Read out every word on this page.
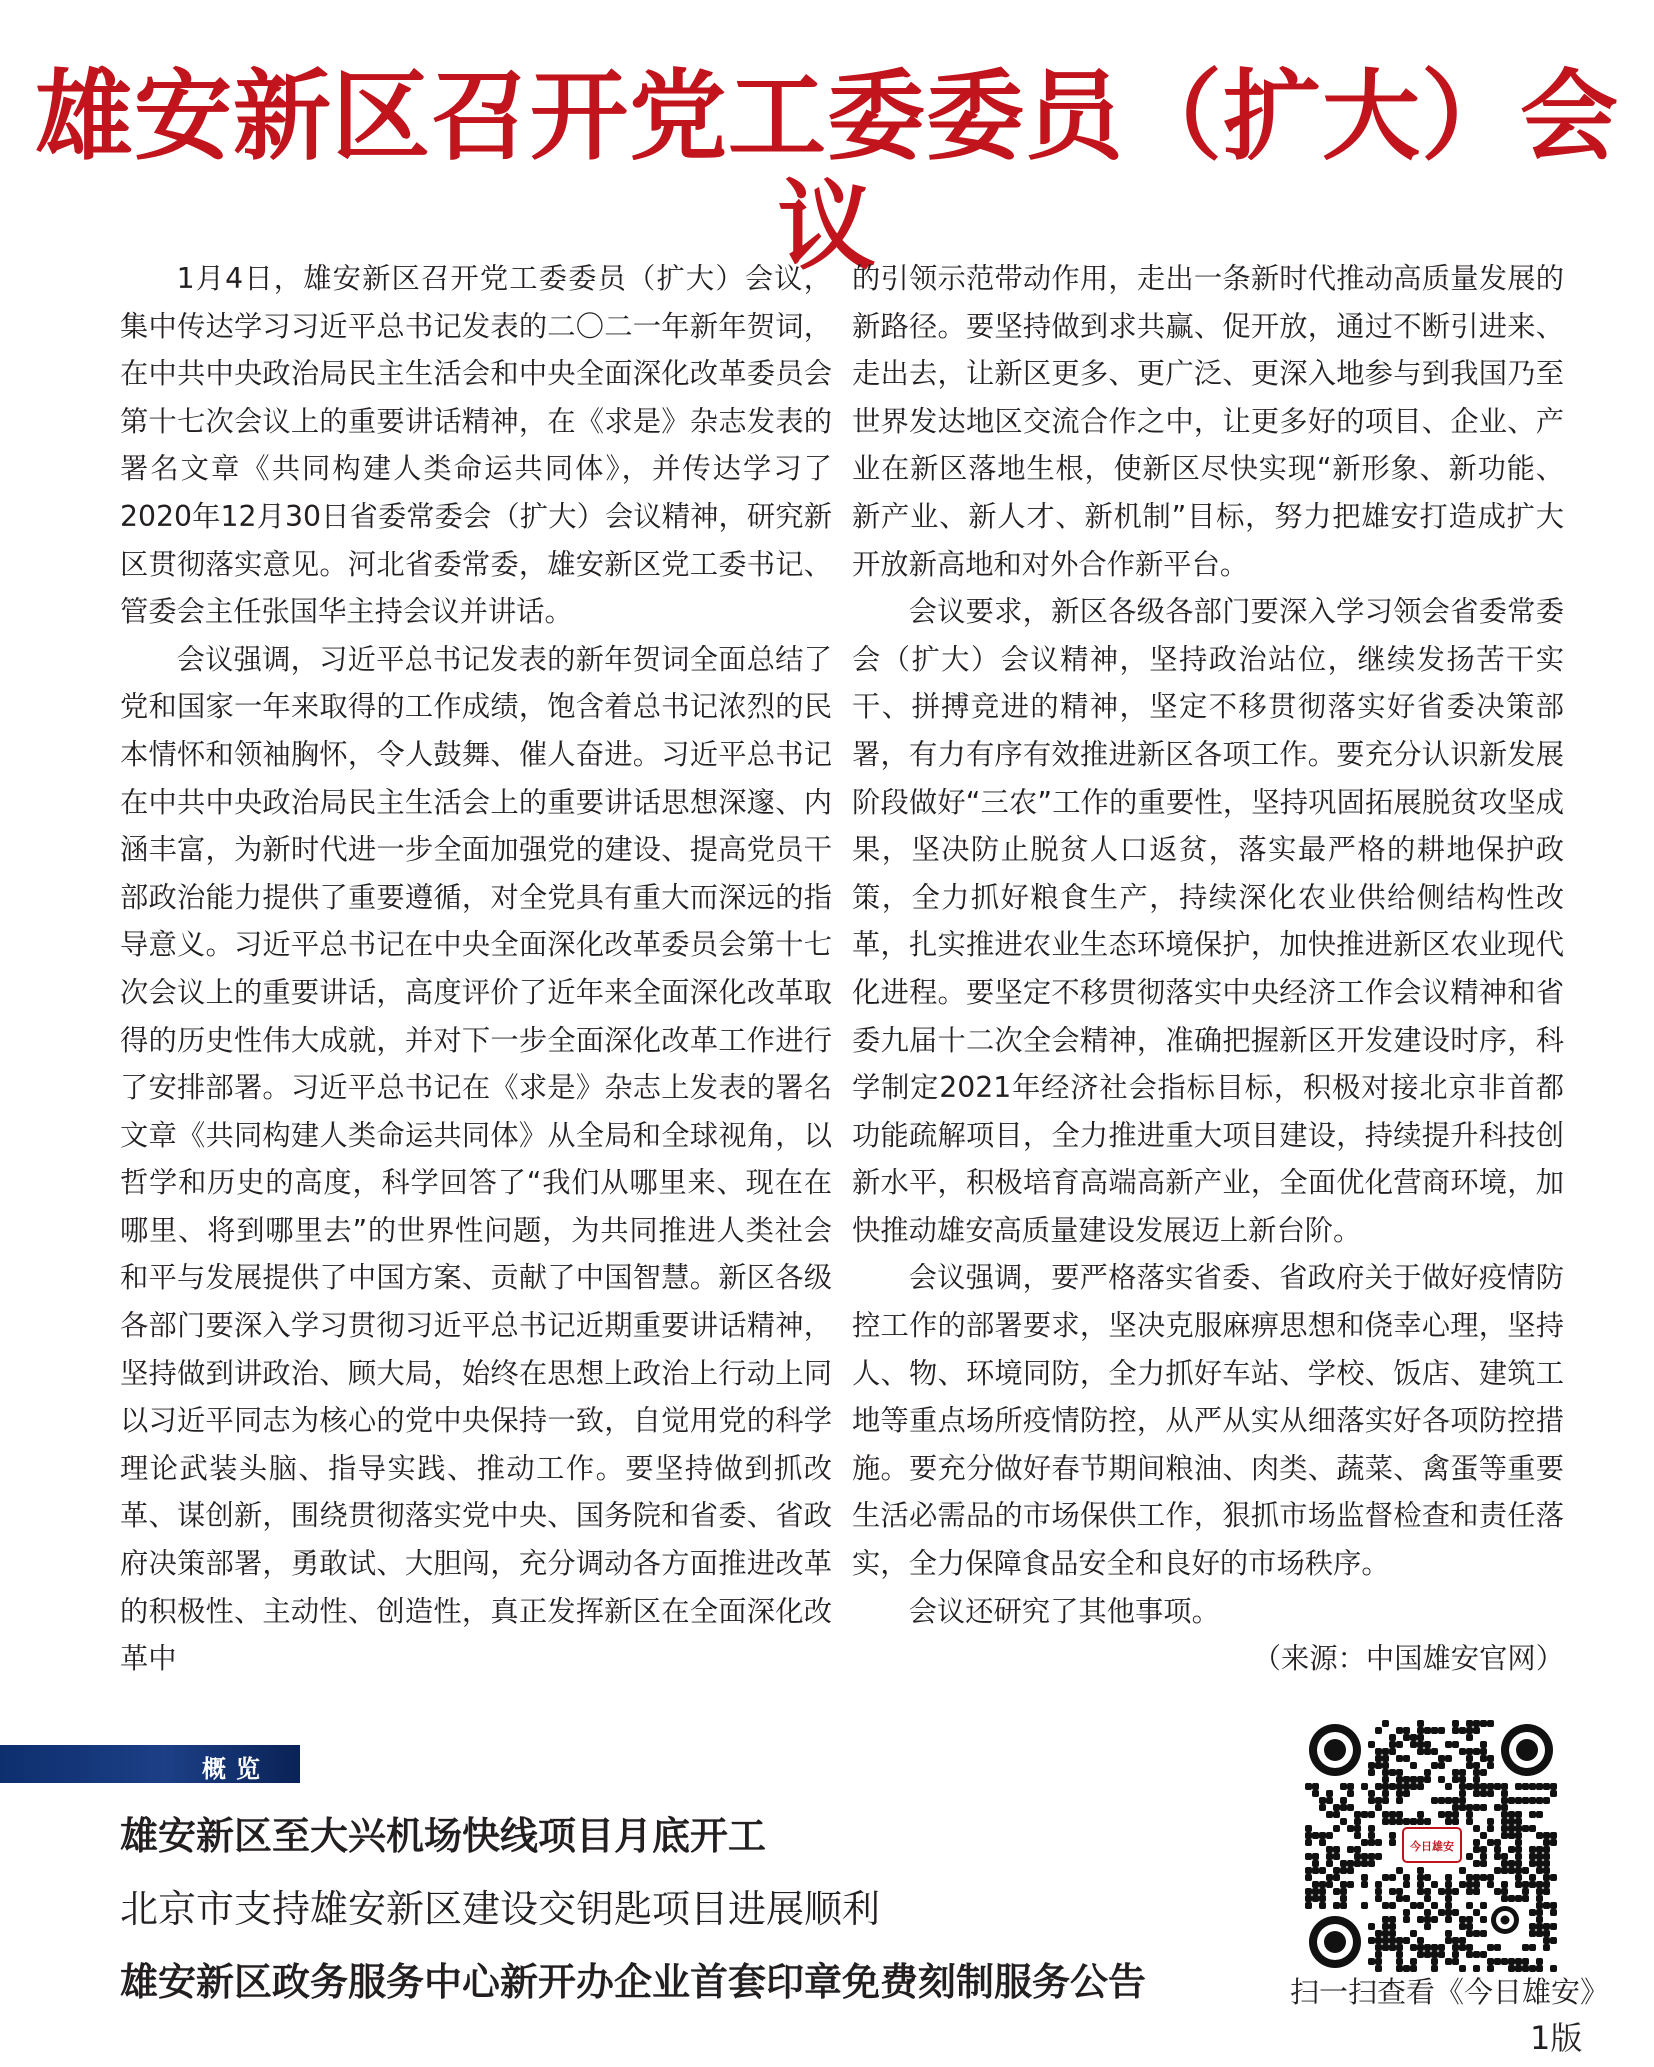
雄安新区召开党工委委员（扩大）会议

1月4日，雄安新区召开党工委委员（扩大）会议，集中传达学习习近平总书记发表的二〇二一年新年贺词，在中共中央政治局民主生活会和中央全面深化改革委员会第十七次会议上的重要讲话精神，在《求是》杂志发表的署名文章《共同构建人类命运共同体》，并传达学习了2020年12月30日省委常委会（扩大）会议精神，研究新区贯彻落实意见。河北省委常委，雄安新区党工委书记、管委会主任张国华主持会议并讲话。

会议强调，习近平总书记发表的新年贺词全面总结了党和国家一年来取得的工作成绩，饱含着总书记浓烈的民本情怀和领袖胸怀，令人鼓舞、催人奋进。习近平总书记在中共中央政治局民主生活会上的重要讲话思想深邃、内涵丰富，为新时代进一步全面加强党的建设、提高党员干部政治能力提供了重要遵循，对全党具有重大而深远的指导意义。习近平总书记在中央全面深化改革委员会第十七次会议上的重要讲话，高度评价了近年来全面深化改革取得的历史性伟大成就，并对下一步全面深化改革工作进行了安排部署。习近平总书记在《求是》杂志上发表的署名文章《共同构建人类命运共同体》从全局和全球视角，以哲学和历史的高度，科学回答了“我们从哪里来、现在在哪里、将到哪里去”的世界性问题，为共同推进人类社会和平与发展提供了中国方案、贡献了中国智慧。新区各级各部门要深入学习贯彻习近平总书记近期重要讲话精神，坚持做到讲政治、顾大局，始终在思想上政治上行动上同以习近平同志为核心的党中央保持一致，自觉用党的科学理论武装头脑、指导实践、推动工作。要坚持做到抓改革、谋创新，围绕贯彻落实党中央、国务院和省委、省政府决策部署，勇敢试、大胆闯，充分调动各方面推进改革的积极性、主动性、创造性，真正发挥新区在全面深化改革中

的引领示范带动作用，走出一条新时代推动高质量发展的新路径。要坚持做到求共赢、促开放，通过不断引进来、走出去，让新区更多、更广泛、更深入地参与到我国乃至世界发达地区交流合作之中，让更多好的项目、企业、产业在新区落地生根，使新区尽快实现“新形象、新功能、新产业、新人才、新机制”目标，努力把雄安打造成扩大开放新高地和对外合作新平台。

会议要求，新区各级各部门要深入学习领会省委常委会（扩大）会议精神，坚持政治站位，继续发扬苦干实干、拼搏竞进的精神，坚定不移贯彻落实好省委决策部署，有力有序有效推进新区各项工作。要充分认识新发展阶段做好“三农”工作的重要性，坚持巩固拓展脱贫攻坚成果，坚决防止脱贫人口返贫，落实最严格的耕地保护政策，全力抓好粮食生产，持续深化农业供给侧结构性改革，扎实推进农业生态环境保护，加快推进新区农业现代化进程。要坚定不移贯彻落实中央经济工作会议精神和省委九届十二次全会精神，准确把握新区开发建设时序，科学制定2021年经济社会指标目标，积极对接北京非首都功能疏解项目，全力推进重大项目建设，持续提升科技创新水平，积极培育高端高新产业，全面优化营商环境，加快推动雄安高质量建设发展迈上新台阶。

会议强调，要严格落实省委、省政府关于做好疫情防控工作的部署要求，坚决克服麻痹思想和侥幸心理，坚持人、物、环境同防，全力抓好车站、学校、饭店、建筑工地等重点场所疫情防控，从严从实从细落实好各项防控措施。要充分做好春节期间粮油、肉类、蔬菜、禽蛋等重要生活必需品的市场保供工作，狠抓市场监督检查和责任落实，全力保障食品安全和良好的市场秩序。

会议还研究了其他事项。
（来源：中国雄安官网）

概览
雄安新区至大兴机场快线项目月底开工
北京市支持雄安新区建设交钥匙项目进展顺利
雄安新区政务服务中心新开办企业首套印章免费刻制服务公告
今日雄安
扫一扫查看《今日雄安》
1版
